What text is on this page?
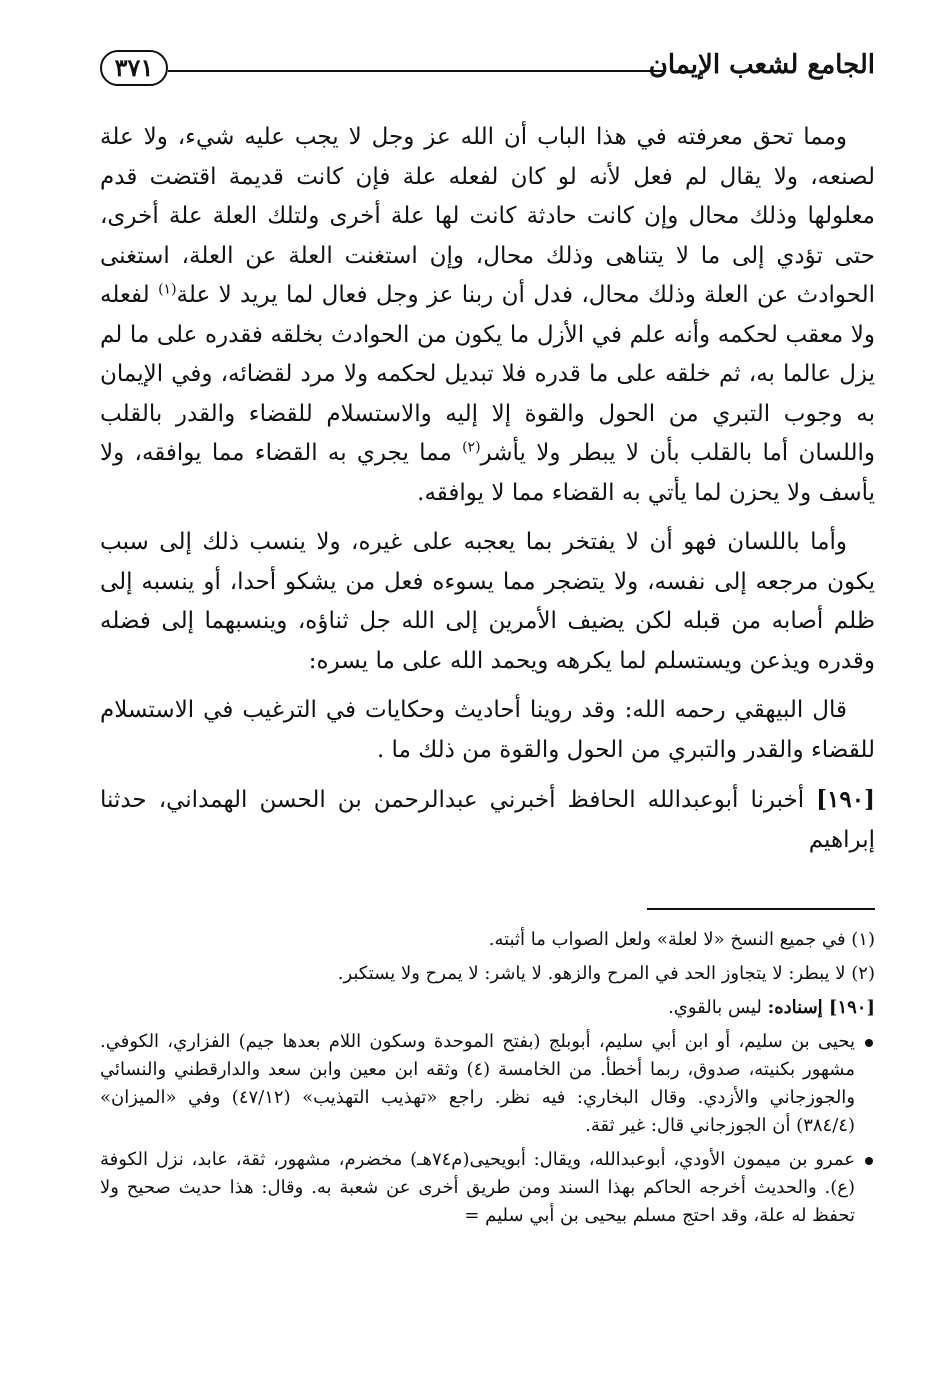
الجامع لشعب الإيمان
٣٧١

ومما تحق معرفته في هذا الباب أن الله عز وجل لا يجب عليه شيء، ولا علة لصنعه، ولا يقال لم فعل لأنه لو كان لفعله علة فإن كانت قديمة اقتضت قدم معلولها وذلك محال وإن كانت حادثة كانت لها علة أخرى ولتلك العلة علة أخرى، حتى تؤدي إلى ما لا يتناهى وذلك محال، وإن استغنت العلة عن العلة، استغنى الحوادث عن العلة وذلك محال، فدل أن ربنا عز وجل فعال لما يريد لا علة$^{(١)}$ لفعله ولا معقب لحكمه وأنه علم في الأزل ما يكون من الحوادث بخلقه فقدره على ما لم يزل عالما به، ثم خلقه على ما قدره فلا تبديل لحكمه ولا مرد لقضائه، وفي الإيمان به وجوب التبري من الحول والقوة إلا إليه والاستسلام للقضاء والقدر بالقلب واللسان أما بالقلب بأن لا يبطر ولا يأشر$^{(٢)}$ مما يجري به القضاء مما يوافقه، ولا يأسف ولا يحزن لما يأتي به القضاء مما لا يوافقه.

وأما باللسان فهو أن لا يفتخر بما يعجبه على غيره، ولا ينسب ذلك إلى سبب يكون مرجعه إلى نفسه، ولا يتضجر مما يسوءه فعل من يشكو أحدا، أو ينسبه إلى ظلم أصابه من قبله لكن يضيف الأمرين إلى الله جل ثناؤه، وينسبهما إلى فضله وقدره ويذعن ويستسلم لما يكرهه ويحمد الله على ما يسره:

قال البيهقي رحمه الله: وقد روينا أحاديث وحكايات في الترغيب في الاستسلام للقضاء والقدر والتبري من الحول والقوة من ذلك ما .

[١٩٠] أخبرنا أبوعبدالله الحافظ أخبرني عبدالرحمن بن الحسن الهمداني، حدثنا إبراهيم

(١) في جميع النسخ «لا لعلة» ولعل الصواب ما أثبته.

(٢) لا يبطر: لا يتجاوز الحد في المرح والزهو. لا ياشر: لا يمرح ولا يستكبر.

[١٩٠] إسناده: ليس بالقوي.

يحيى بن سليم، أو ابن أبي سليم، أبوبلج (بفتح الموحدة وسكون اللام بعدها جيم) الفزاري، الكوفي. مشهور بكنيته، صدوق، ربما أخطأ. من الخامسة (٤) وثقه ابن معين وابن سعد والدارقطني والنسائي والجوزجاني والأزدي. وقال البخاري: فيه نظر. راجع «تهذيب التهذيب» (٤٧/١٢) وفي «الميزان» (٣٨٤/٤) أن الجوزجاني قال: غير ثقة.
عمرو بن ميمون الأودي، أبوعبدالله، ويقال: أبويحيى(م٧٤هـ) مخضرم، مشهور، ثقة، عابد، نزل الكوفة (ع). والحديث أخرجه الحاكم بهذا السند ومن طريق أخرى عن شعبة به. وقال: هذا حديث صحيح ولا تحفظ له علة، وقد احتج مسلم بيحيى بن أبي سليم =
